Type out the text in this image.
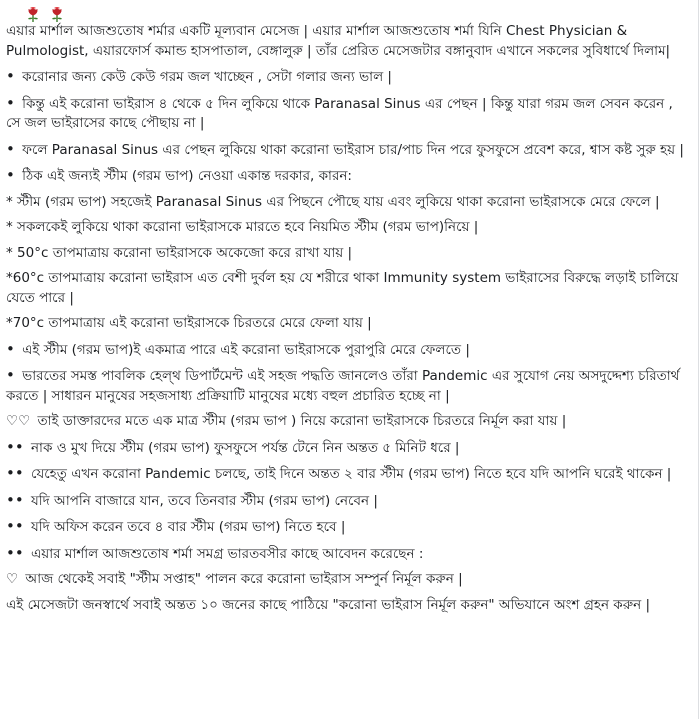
এয়ার মার্শাল আজশুতোষ শর্মার একটি মূল্যবান মেসেজ | এয়ার মার্শাল আজশুতোষ শর্মা যিনি Chest Physician & Pulmologist, এয়ারফোর্স কমান্ড হাসপাতাল, বেঙ্গালুরু | তাঁর প্রেরিত মেসেজটার বঙ্গানুবাদ এখানে সকলের সুবিধার্থে দিলাম|

• করোনার জন্য কেউ কেউ গরম জল খাচ্ছেন , সেটা গলার জন্য ভাল |

• কিন্তু এই করোনা ভাইরাস ৪ থেকে ৫ দিন লুকিয়ে থাকে Paranasal Sinus এর পেছন | কিন্তু যারা গরম জল সেবন করেন , সে জল ভাইরাসের কাছে পৌছায় না |

• ফলে Paranasal Sinus এর পেছন লুকিয়ে থাকা করোনা ভাইরাস চার/পাচ দিন পরে ফুসফুসে প্রবেশ করে, শ্বাস কষ্ট সুরু হয় |

• ঠিক এই জন্যই স্টীম (গরম ভাপ) নেওয়া একান্ত দরকার, কারন:

* স্টীম (গরম ভাপ) সহজেই Paranasal Sinus এর পিছনে পৌছে যায় এবং লুকিয়ে থাকা করোনা ভাইরাসকে মেরে ফেলে |

* সকলকেই লুকিয়ে থাকা করোনা ভাইরাসকে মারতে হবে নিয়মিত স্টীম (গরম ভাপ)নিয়ে |

* 50°c তাপমাত্রায় করোনা ভাইরাসকে অকেজো করে রাখা যায় |

*60°c তাপমাত্রায় করোনা ভাইরাস এত বেশী দুর্বল হয় যে শরীরে থাকা Immunity system ভাইরাসের বিরুদ্ধে লড়াই চালিয়ে যেতে পারে |

*70°c তাপমাত্রায় এই করোনা ভাইরাসকে চিরতরে মেরে ফেলা যায় |

• এই স্টীম (গরম ভাপ)ই একমাত্র পারে এই করোনা ভাইরাসকে পুরাপুরি মেরে ফেলতে |

• ভারতের সমস্ত পাবলিক হেল্থ ডিপার্টমেন্ট এই সহজ পদ্ধতি জানলেও তাঁরা Pandemic এর সুযোগ নেয় অসদুদ্দেশ্য চরিতার্থ করতে | সাধারন মানুষের সহজসাধ্য প্রক্রিয়াটি মানুষের মধ্যে বহুল প্রচারিত হচ্ছে না |

♡♡ তাই ডাক্তারদের মতে এক মাত্র স্টীম (গরম ভাপ ) নিয়ে করোনা ভাইরাসকে চিরতরে নির্মূল করা যায় |

•• নাক ও মুখ দিয়ে স্টীম (গরম ভাপ) ফুসফুসে পর্যন্ত টেনে নিন অন্তত ৫ মিনিট ধরে |

•• যেহেতু এখন করোনা Pandemic চলছে, তাই দিনে অন্তত ২ বার স্টীম (গরম ভাপ) নিতে হবে যদি আপনি ঘরেই থাকেন |

•• যদি আপনি বাজারে যান, তবে তিনবার স্টীম (গরম ভাপ) নেবেন |

•• যদি অফিস করেন তবে ৪ বার স্টীম (গরম ভাপ) নিতে হবে |

•• এয়ার মার্শাল আজশুতোষ শর্মা সমগ্র ভারতবসীর কাছে আবেদন করেছেন :

♡ আজ থেকেই সবাই "স্টীম সপ্তাহ" পালন করে করোনা ভাইরাস সম্পুর্ন নির্মূল করুন |

এই মেসেজটা জনস্বার্থে সবাই অন্তত ১০ জনের কাছে পাঠিয়ে "করোনা ভাইরাস নির্মূল করুন" অভিযানে অংশ গ্রহন করুন |
